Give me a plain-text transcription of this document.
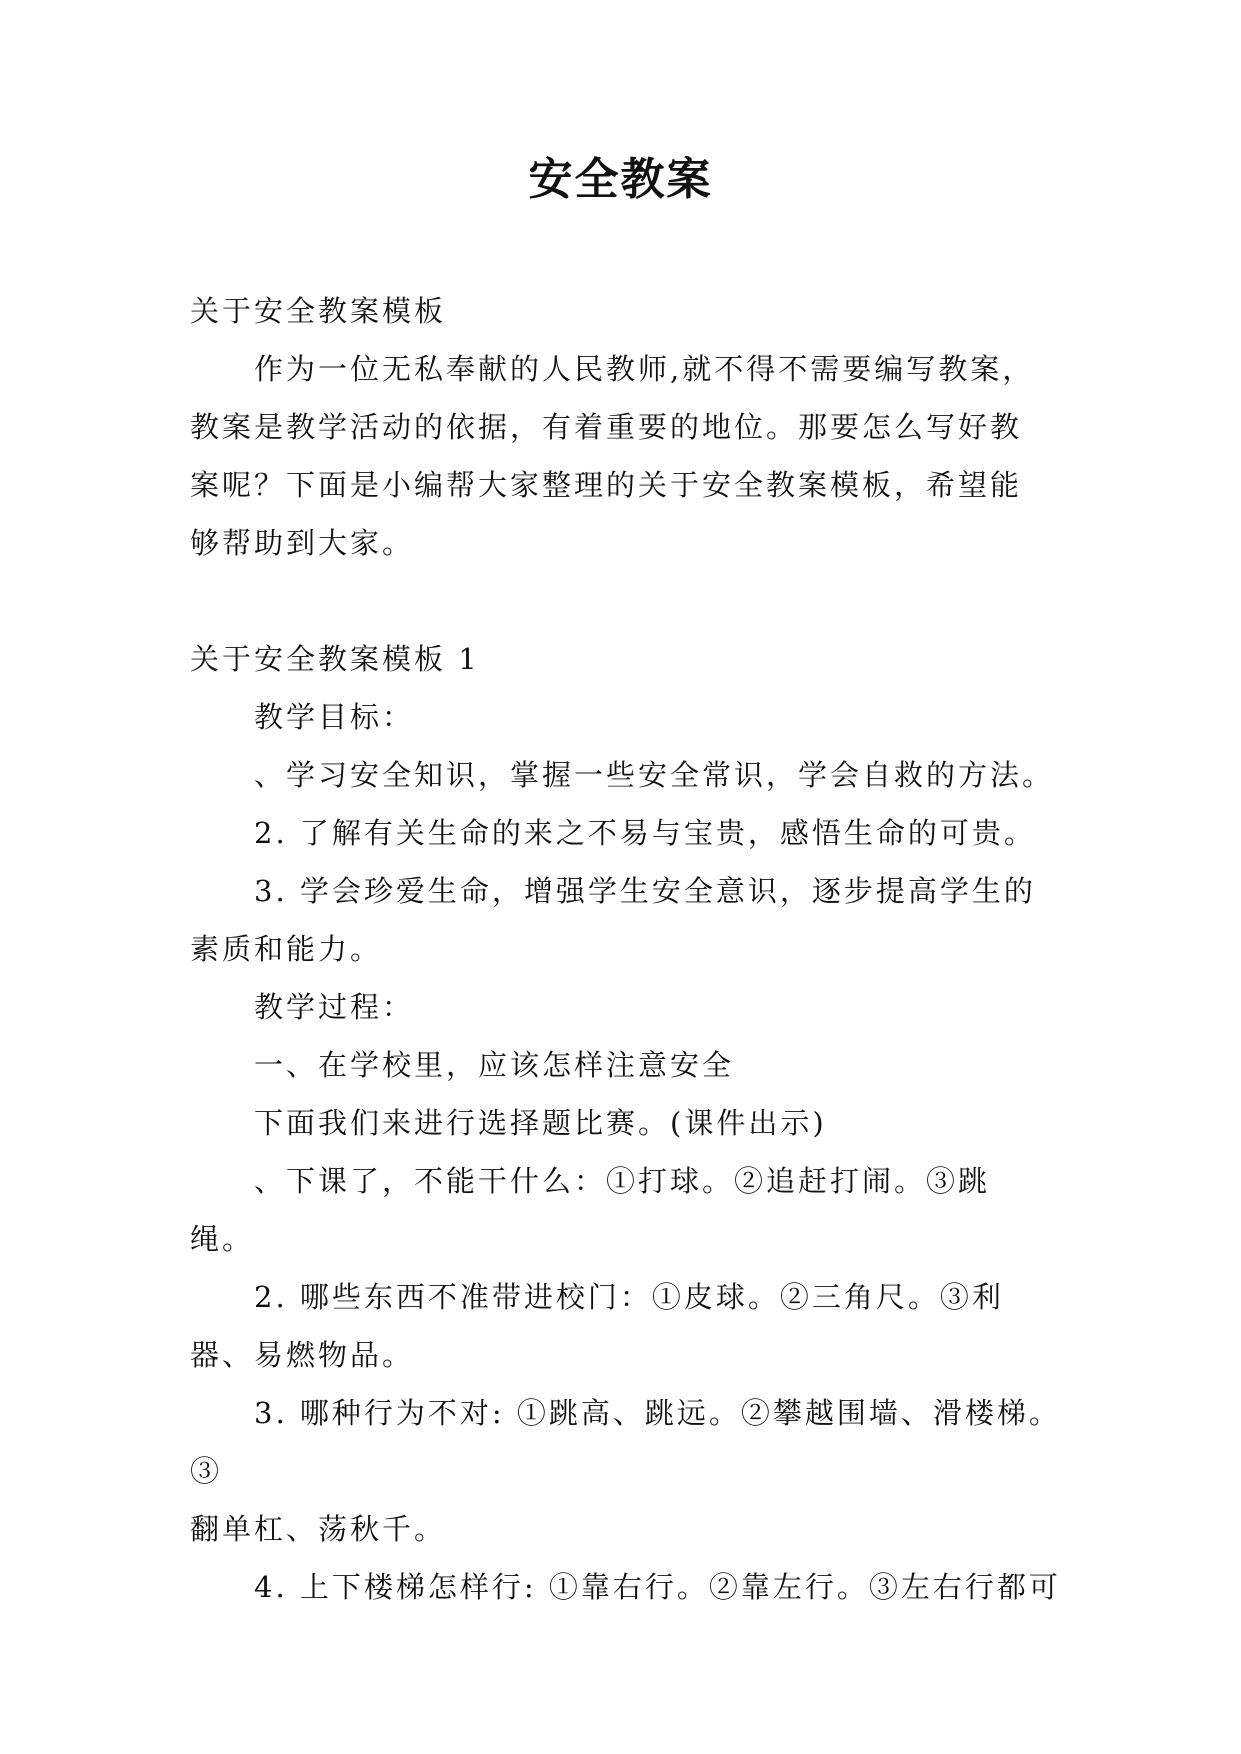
安全教案

关于安全教案模板

作为一位无私奉献的人民教师,就不得不需要编写教案，
教案是教学活动的依据，有着重要的地位。那要怎么写好教
案呢？下面是小编帮大家整理的关于安全教案模板，希望能
够帮助到大家。

关于安全教案模板 1

教学目标：

、学习安全知识，掌握一些安全常识，学会自救的方法。

2. 了解有关生命的来之不易与宝贵，感悟生命的可贵。

3. 学会珍爱生命，增强学生安全意识，逐步提高学生的
素质和能力。

教学过程：

一、在学校里，应该怎样注意安全

下面我们来进行选择题比赛。(课件出示)

、下课了，不能干什么：①打球。②追赶打闹。③跳
绳。

2. 哪些东西不准带进校门：①皮球。②三角尺。③利
器、易燃物品。

3. 哪种行为不对: ①跳高、跳远。②攀越围墙、滑楼梯。③
翻单杠、荡秋千。

4. 上下楼梯怎样行: ①靠右行。②靠左行。③左右行都可
